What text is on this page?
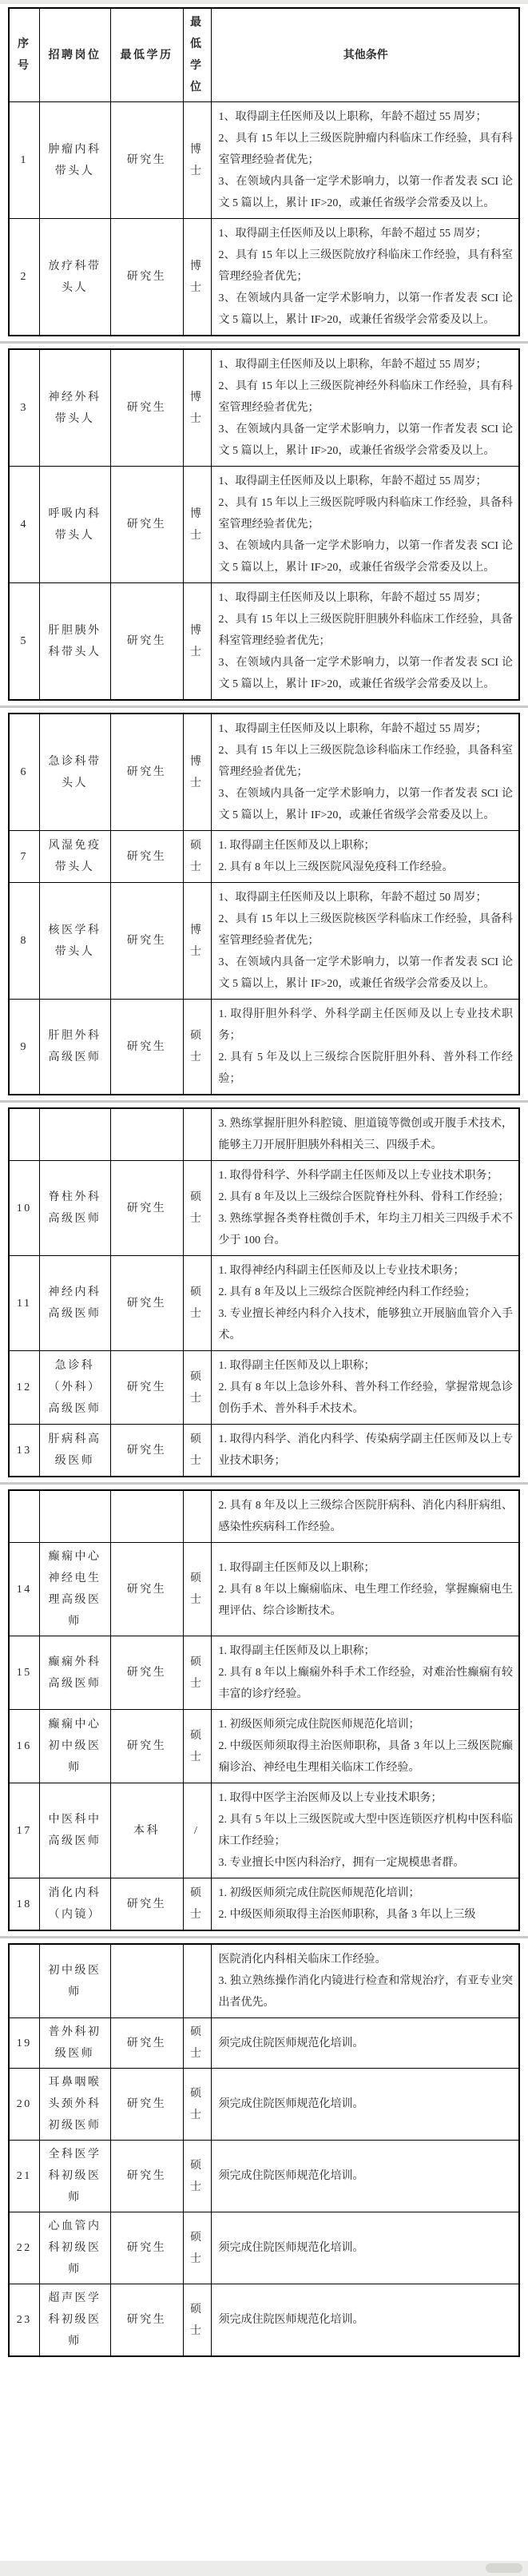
序号	招聘岗位	最低学历	最低学位	其他条件
1	肿瘤内科带头人	研究生	博士	1、取得副主任医师及以上职称，年龄不超过 55 周岁；
2、具有 15 年以上三级医院肿瘤内科临床工作经验，具有科室管理经验者优先；
3、在领域内具备一定学术影响力，以第一作者发表 SCI 论文 5 篇以上，累计 IF>20，或兼任省级学会常委及以上。

2	放疗科带头人	研究生	博士	1、取得副主任医师及以上职称，年龄不超过 55 周岁；
2、具有 15 年以上三级医院放疗科临床工作经验，具有科室管理经验者优先；
3、在领域内具备一定学术影响力，以第一作者发表 SCI 论文 5 篇以上，累计 IF>20，或兼任省级学会常委及以上。
3	神经外科带头人	研究生	博士	1、取得副主任医师及以上职称，年龄不超过 55 周岁；
2、具有 15 年以上三级医院神经外科临床工作经验，具有科室管理经验者优先；
3、在领域内具备一定学术影响力，以第一作者发表 SCI 论文 5 篇以上，累计 IF>20，或兼任省级学会常委及以上。

4	呼吸内科带头人	研究生	博士	1、取得副主任医师及以上职称，年龄不超过 55 周岁；
2、具有 15 年以上三级医院呼吸内科临床工作经验，具备科室管理经验者优先；
3、在领域内具备一定学术影响力，以第一作者发表 SCI 论文 5 篇以上，累计 IF>20，或兼任省级学会常委及以上。

5	肝胆胰外科带头人	研究生	博士	1、取得副主任医师及以上职称，年龄不超过 55 周岁；
2、具有 15 年以上三级医院肝胆胰外科临床工作经验，具备科室管理经验者优先；
3、在领域内具备一定学术影响力，以第一作者发表 SCI 论文 5 篇以上，累计 IF>20，或兼任省级学会常委及以上。
6	急诊科带头人	研究生	博士	1、取得副主任医师及以上职称，年龄不超过 55 周岁；
2、具有 15 年以上三级医院急诊科临床工作经验，具备科室管理经验者优先；
3、在领域内具备一定学术影响力，以第一作者发表 SCI 论文 5 篇以上，累计 IF>20，或兼任省级学会常委及以上。

7	风湿免疫带头人	研究生	硕士	1. 取得副主任医师及以上职称；
2. 具有 8 年以上三级医院风湿免疫科工作经验。

8	核医学科带头人	研究生	博士	1、取得副主任医师及以上职称，年龄不超过 50 周岁；
2、具有 15 年以上三级医院核医学科临床工作经验，具备科室管理经验者优先；
3、在领域内具备一定学术影响力，以第一作者发表 SCI 论文 5 篇以上，累计 IF>20，或兼任省级学会常委及以上。

9	肝胆外科高级医师	研究生	硕士	1. 取得肝胆外科学、外科学副主任医师及以上专业技术职务；
2. 具有 5 年及以上三级综合医院肝胆外科、普外科工作经验；

				3. 熟练掌握肝胆外科腔镜、胆道镜等微创或开腹手术技术，能够主刀开展肝胆胰外科相关三、四级手术。

10	脊柱外科高级医师	研究生	硕士	1. 取得骨科学、外科学副主任医师及以上专业技术职务；
2. 具有 8 年及以上三级综合医院脊柱外科、骨科工作经验；
3. 熟练掌握各类脊柱微创手术，年均主刀相关三四级手术不少于 100 台。

11	神经内科高级医师	研究生	硕士	1. 取得神经内科副主任医师及以上专业技术职务；
2. 具有 8 年及以上三级综合医院神经内科工作经验；
3. 专业擅长神经内科介入技术，能够独立开展脑血管介入手术。

12	急诊科（外科）高级医师	研究生	硕士	1. 取得副主任医师及以上职称；
2. 具有 8 年以上急诊外科、普外科工作经验，掌握常规急诊创伤手术、普外科手术技术。

13	肝病科高级医师	研究生	硕士	1. 取得内科学、消化内科学、传染病学副主任医师及以上专业技术职务；

				2. 具有 8 年及以上三级综合医院肝病科、消化内科肝病组、感染性疾病科工作经验。

14	癫痫中心神经电生理高级医师	研究生	硕士	1. 取得副主任医师及以上职称；
2. 具有 8 年以上癫痫临床、电生理工作经验，掌握癫痫电生理评估、综合诊断技术。

15	癫痫外科高级医师	研究生	硕士	1. 取得副主任医师及以上职称；
2. 具有 8 年以上癫痫外科手术工作经验，对难治性癫痫有较丰富的诊疗经验。

16	癫痫中心初中级医师	研究生	硕士	1. 初级医师须完成住院医师规范化培训；
2. 中级医师须取得主治医师职称，具备 3 年以上三级医院癫痫诊治、神经电生理相关临床工作经验。

17	中医科中高级医师	本科	/	1. 取得中医学主治医师及以上专业技术职务；
2. 具有 5 年以上三级医院或大型中医连锁医疗机构中医科临床工作经验；
3. 专业擅长中医内科治疗，拥有一定规模患者群。

18	消化内科（内镜）	研究生	硕士	1. 初级医师须完成住院医师规范化培训；
2. 中级医师须取得主治医师职称，具备 3 年以上三级
	初中级医师			医院消化内科相关临床工作经验。
3. 独立熟练操作消化内镜进行检查和常规治疗，有亚专业突出者优先。

19	普外科初级医师	研究生	硕士	须完成住院医师规范化培训。

20	耳鼻咽喉头颈外科初级医师	研究生	硕士	须完成住院医师规范化培训。

21	全科医学科初级医师	研究生	硕士	须完成住院医师规范化培训。

22	心血管内科初级医师	研究生	硕士	须完成住院医师规范化培训。

23	超声医学科初级医师	研究生	硕士	须完成住院医师规范化培训。
